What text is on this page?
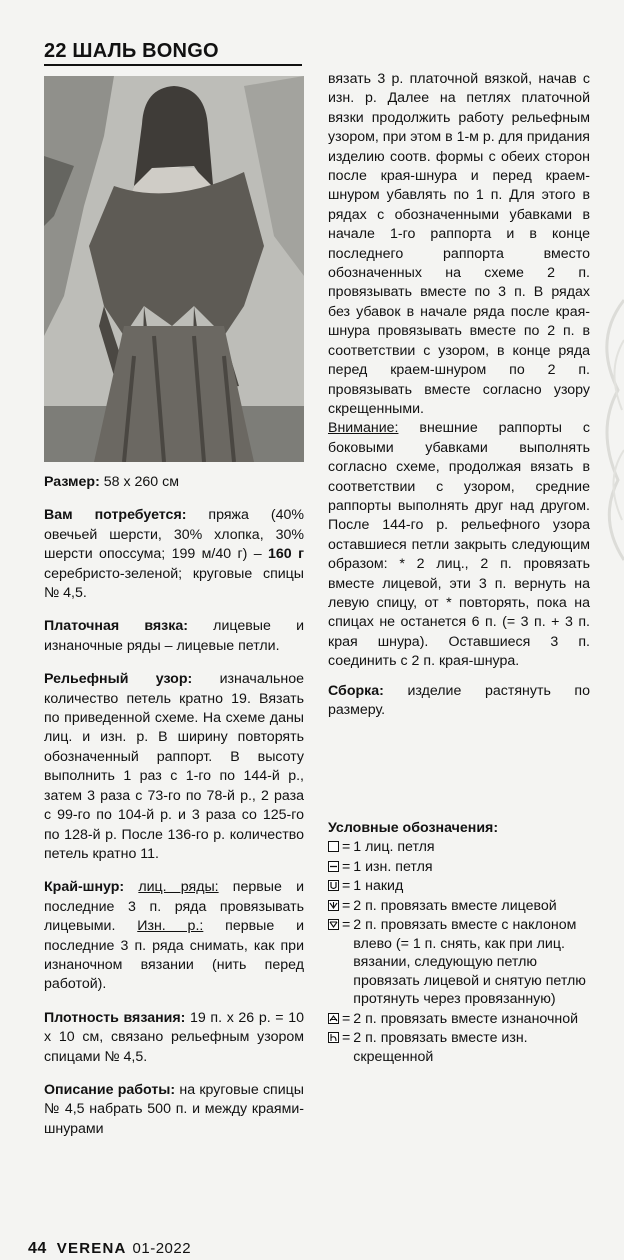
22 ШАЛЬ BONGO

Размер: 58 х 260 см

Вам потребуется: пряжа (40% овечьей шерсти, 30% хлопка, 30% шерсти опоссума; 199 м/40 г) – 160 г серебристо-зеленой; круговые спицы № 4,5.

Платочная вязка: лицевые и изнаночные ряды – лицевые петли.

Рельефный узор: изначальное количество петель кратно 19. Вязать по приведенной схеме. На схеме даны лиц. и изн. р. В ширину повторять обозначенный раппорт. В высоту выполнить 1 раз с 1-го по 144-й р., затем 3 раза с 73-го по 78-й р., 2 раза с 99-го по 104-й р. и 3 раза со 125-го по 128-й р. После 136-го р. количество петель кратно 11.

Край-шнур: лиц. ряды: первые и последние 3 п. ряда провязывать лицевыми. Изн. р.: первые и последние 3 п. ряда снимать, как при изнаночном вязании (нить перед работой).

Плотность вязания: 19 п. х 26 р. = 10 х 10 см, связано рельефным узором спицами № 4,5.

Описание работы: на круговые спицы № 4,5 набрать 500 п. и между краями-шнурами

вязать 3 р. платочной вязкой, начав с изн. р. Далее на петлях платочной вязки продолжить работу рельефным узором, при этом в 1-м р. для придания изделию соотв. формы с обеих сторон после края-шнура и перед краем-шнуром убавлять по 1 п. Для этого в рядах с обозначенными убавками в начале 1-го раппорта и в конце последнего раппорта вместо обозначенных на схеме 2 п. провязывать вместе по 3 п. В рядах без убавок в начале ряда после края-шнура провязывать вместе по 2 п. в соответствии с узором, в конце ряда перед краем-шнуром по 2 п. провязывать вместе согласно узору скрещенными.

Внимание: внешние раппорты с боковыми убавками выполнять согласно схеме, продолжая вязать в соответствии с узором, средние раппорты выполнять друг над другом. После 144-го р. рельефного узора оставшиеся петли закрыть следующим образом: * 2 лиц., 2 п. провязать вместе лицевой, эти 3 п. вернуть на левую спицу, от * повторять, пока на спицах не останется 6 п. (= 3 п. + 3 п. края шнура). Оставшиеся 3 п. соединить с 2 п. края-шнура.

Сборка: изделие растянуть по размеру.

Условные обозначения:
= 1 лиц. петля
= 1 изн. петля
= 1 накид
= 2 п. провязать вместе лицевой
= 2 п. провязать вместе с наклоном влево (= 1 п. снять, как при лиц. вязании, следующую петлю провязать лицевой и снятую петлю протянуть через провязанную)
= 2 п. провязать вместе изнаночной
= 2 п. провязать вместе изн. скрещенной
44 VERENA 01-2022
